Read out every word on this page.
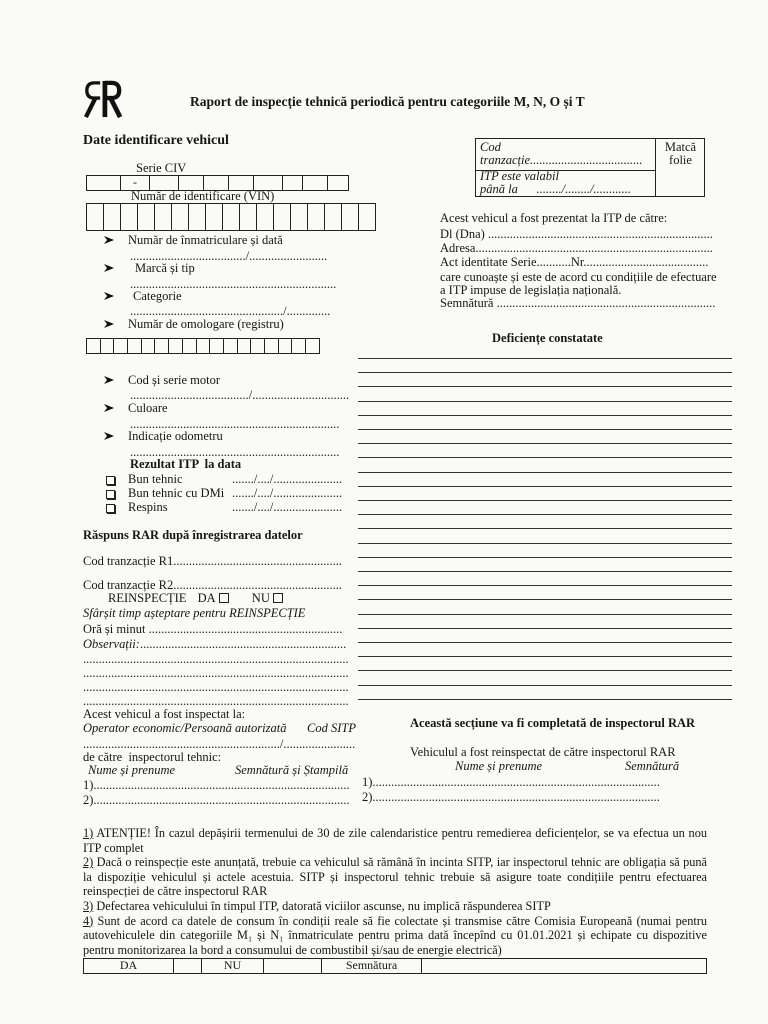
Raport de inspecție tehnică periodică pentru categoriile M, N, O și T
Date identificare vehicul	Cod
tranzacție....................................
ITP este valabil
până la      ......../......../............
Matcă
folie
Serie CIV
-
Număr de identificare (VIN)
Număr de înmatriculare și dată
...................................../.........................
Marcă și tip
..................................................................
Categorie
................................................./..............
Număr de omologare (registru)
Cod și serie motor
....................................../...............................
Culoare
...................................................................
Indicație odometru
...................................................................
Rezultat ITP  la data
Bun tehnic	......./..../......................
Bun tehnic cu DMi ......./..../......................
Respins	......./..../......................
Răspuns RAR după înregistrarea datelor
Cod tranzacție R1......................................................
Cod tranzacție R2......................................................
REINSPECȚIE DA	NU
Sfârșit timp așteptare pentru REINSPECȚIE
Oră și minut ..............................................................
Observații:..................................................................
.....................................................................................
.....................................................................................
.....................................................................................
.....................................................................................
Acest vehicul a fost inspectat la:
Operator economic/Persoană autorizată Cod SITP
.............................................................../.......................
de către  inspectorul tehnic:
Nume și prenume	Semnătură și Ștampilă
1)..................................................................................
2)..................................................................................
Acest vehicul a fost prezentat la ITP de către:
Dl (Dna) ........................................................................
Adresa............................................................................
Act identitate Serie...........Nr........................................
care cunoaște și este de acord cu condițiile de efectuare
a ITP impuse de legislația națională.
Semnătură ......................................................................
Deficiențe constatate
Această secțiune va fi completată de inspectorul RAR
Vehiculul a fost reinspectat de către inspectorul RAR
Nume și prenume	Semnătură
1)............................................................................................
2)............................................................................................

1) ATENȚIE! În cazul depășirii termenului de 30 de zile calendaristice pentru remedierea deficiențelor, se va efectua un nou ITP complet

2) Dacă o reinspecție este anunțată, trebuie ca vehiculul să rămână în incinta SITP, iar inspectorul tehnic are obligația să pună la dispoziție vehiculul și actele acestuia. SITP și inspectorul tehnic trebuie să asigure toate condițiile pentru efectuarea reinspecției de către inspectorul RAR

3) Defectarea vehiculului în timpul ITP, datorată viciilor ascunse, nu implică răspunderea SITP

4) Sunt de acord ca datele de consum în condiții reale să fie colectate și transmise către Comisia Europeană (numai pentru autovehiculele din categoriile M₁ și N₁ înmatriculate pentru prima dată începînd cu 01.01.2021 și echipate cu dispozitive pentru monitorizarea la bord a consumului de combustibil și/sau de energie electrică)

DA	NU	Semnătura
